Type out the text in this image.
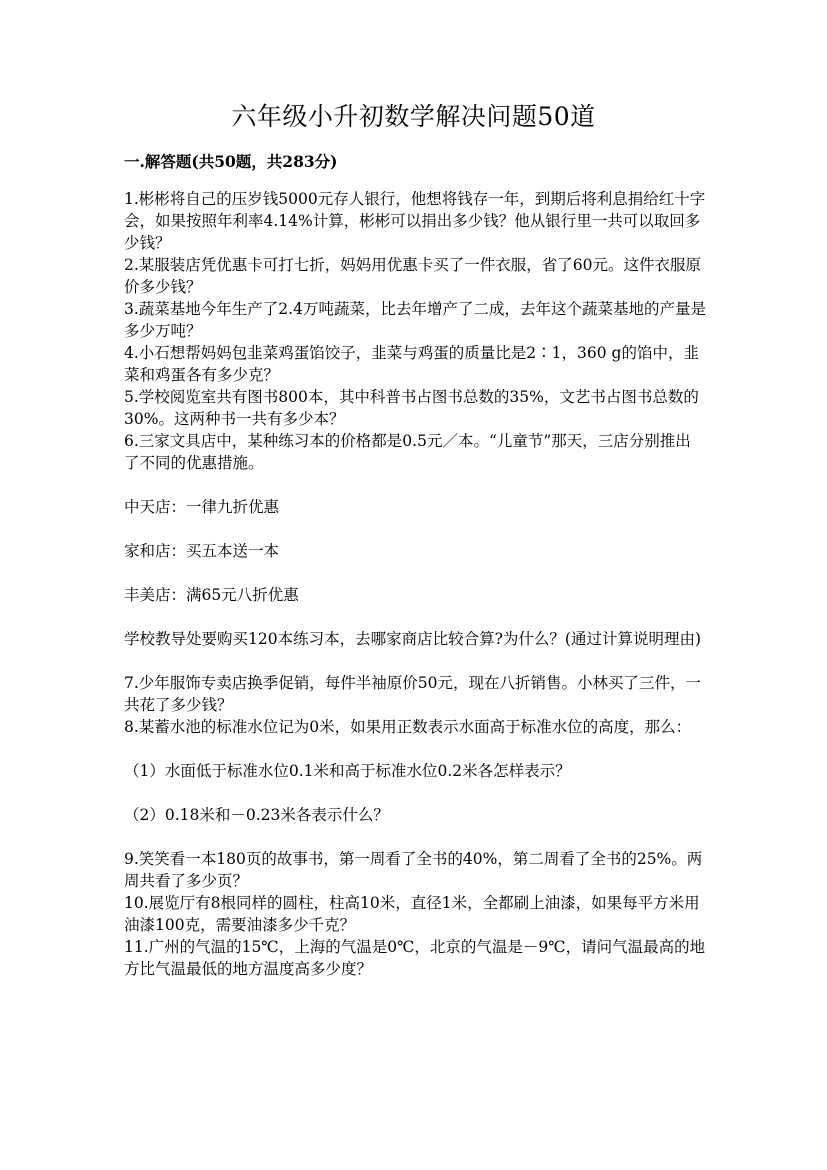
六年级小升初数学解决问题50道
一.解答题(共50题，共283分)

1.彬彬将自己的压岁钱5000元存人银行，他想将钱存一年，到期后将利息捐给红十字会，如果按照年利率4.14%计算，彬彬可以捐出多少钱？他从银行里一共可以取回多少钱？

2.某服装店凭优惠卡可打七折，妈妈用优惠卡买了一件衣服，省了60元。这件衣服原价多少钱？

3.蔬菜基地今年生产了2.4万吨蔬菜，比去年增产了二成，去年这个蔬菜基地的产量是多少万吨？

4.小石想帮妈妈包韭菜鸡蛋馅饺子，韭菜与鸡蛋的质量比是2∶1，360 g的馅中，韭菜和鸡蛋各有多少克？

5.学校阅览室共有图书800本，其中科普书占图书总数的35%，文艺书占图书总数的30%。这两种书一共有多少本？

6.三家文具店中，某种练习本的价格都是0.5元／本。“儿童节”那天，三店分别推出了不同的优惠措施。

中天店：一律九折优惠

家和店：买五本送一本

丰美店：满65元八折优惠

学校教导处要购买120本练习本，去哪家商店比较合算?为什么？(通过计算说明理由)

7.少年服饰专卖店换季促销，每件半袖原价50元，现在八折销售。小林买了三件，一共花了多少钱？

8.某蓄水池的标准水位记为0米，如果用正数表示水面高于标准水位的高度，那么：

（1）水面低于标准水位0.1米和高于标准水位0.2米各怎样表示？

（2）0.18米和－0.23米各表示什么？

9.笑笑看一本180页的故事书，第一周看了全书的40%，第二周看了全书的25%。两周共看了多少页？

10.展览厅有8根同样的圆柱，柱高10米，直径1米，全都刷上油漆，如果每平方米用油漆100克，需要油漆多少千克？

11.广州的气温的15℃，上海的气温是0℃，北京的气温是－9℃，请问气温最高的地方比气温最低的地方温度高多少度？
